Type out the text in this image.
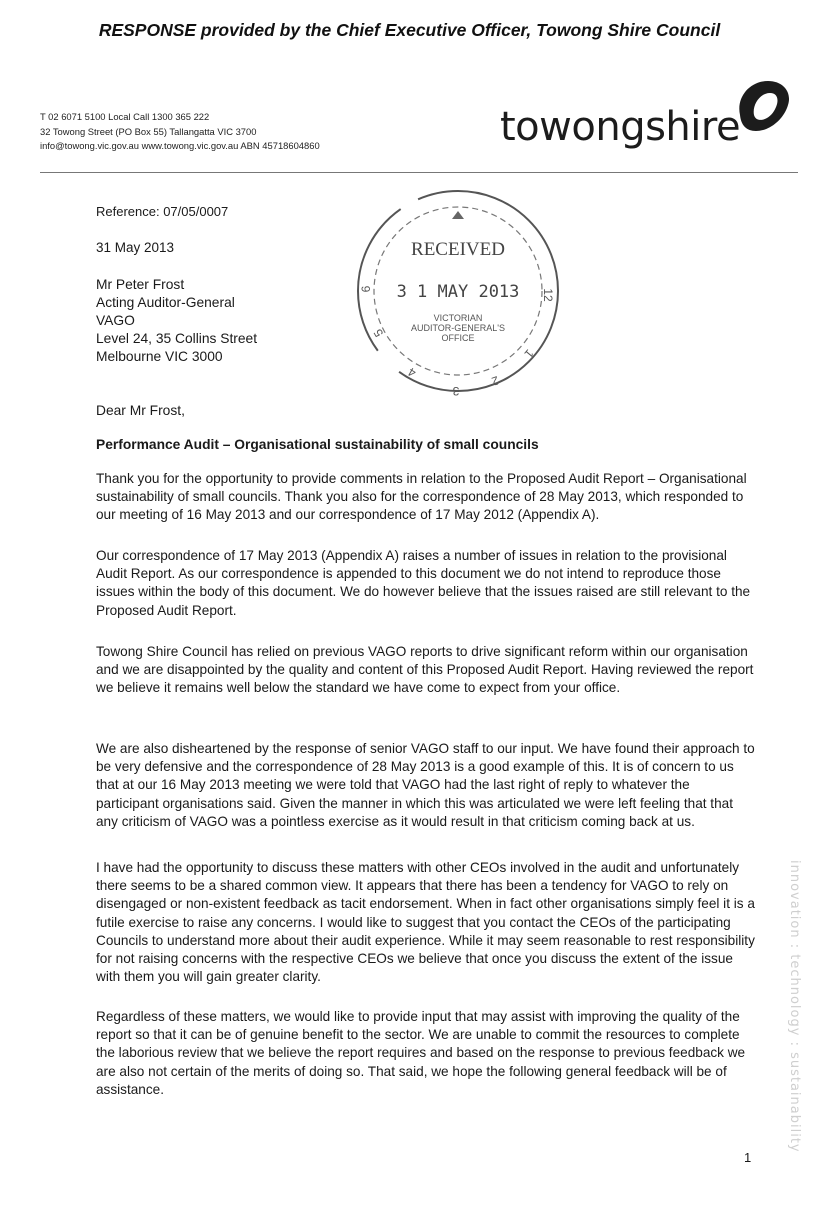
RESPONSE provided by the Chief Executive Officer, Towong Shire Council
T 02 6071 5100 Local Call 1300 365 222
32 Towong Street (PO Box 55) Tallangatta VIC 3700
info@towong.vic.gov.au www.towong.vic.gov.au ABN 45718604860	towongshire
RECEIVED
3 1 MAY 2013
VICTORIAN
AUDITOR-GENERAL'S
OFFICE
12
1
2
3
4
5
6
Reference: 07/05/0007
31 May 2013
Mr Peter Frost
Acting Auditor-General
VAGO
Level 24, 35 Collins Street
Melbourne VIC 3000
Dear Mr Frost,
Performance Audit – Organisational sustainability of small councils
Thank you for the opportunity to provide comments in relation to the Proposed Audit Report – Organisational sustainability of small councils. Thank you also for the correspondence of 28 May 2013, which responded to our meeting of 16 May 2013 and our correspondence of 17 May 2012 (Appendix A).
Our correspondence of 17 May 2013 (Appendix A) raises a number of issues in relation to the provisional Audit Report. As our correspondence is appended to this document we do not intend to reproduce those issues within the body of this document. We do however believe that the issues raised are still relevant to the Proposed Audit Report.
Towong Shire Council has relied on previous VAGO reports to drive significant reform within our organisation and we are disappointed by the quality and content of this Proposed Audit Report. Having reviewed the report we believe it remains well below the standard we have come to expect from your office.
We are also disheartened by the response of senior VAGO staff to our input. We have found their approach to be very defensive and the correspondence of 28 May 2013 is a good example of this. It is of concern to us that at our 16 May 2013 meeting we were told that VAGO had the last right of reply to whatever the participant organisations said. Given the manner in which this was articulated we were left feeling that that any criticism of VAGO was a pointless exercise as it would result in that criticism coming back at us.
I have had the opportunity to discuss these matters with other CEOs involved in the audit and unfortunately there seems to be a shared common view. It appears that there has been a tendency for VAGO to rely on disengaged or non-existent feedback as tacit endorsement. When in fact other organisations simply feel it is a futile exercise to raise any concerns. I would like to suggest that you contact the CEOs of the participating Councils to understand more about their audit experience. While it may seem reasonable to rest responsibility for not raising concerns with the respective CEOs we believe that once you discuss the extent of the issue with them you will gain greater clarity.
Regardless of these matters, we would like to provide input that may assist with improving the quality of the report so that it can be of genuine benefit to the sector. We are unable to commit the resources to complete the laborious review that we believe the report requires and based on the response to previous feedback we are also not certain of the merits of doing so. That said, we hope the following general feedback will be of assistance.	innovation : technology : sustainability
1
